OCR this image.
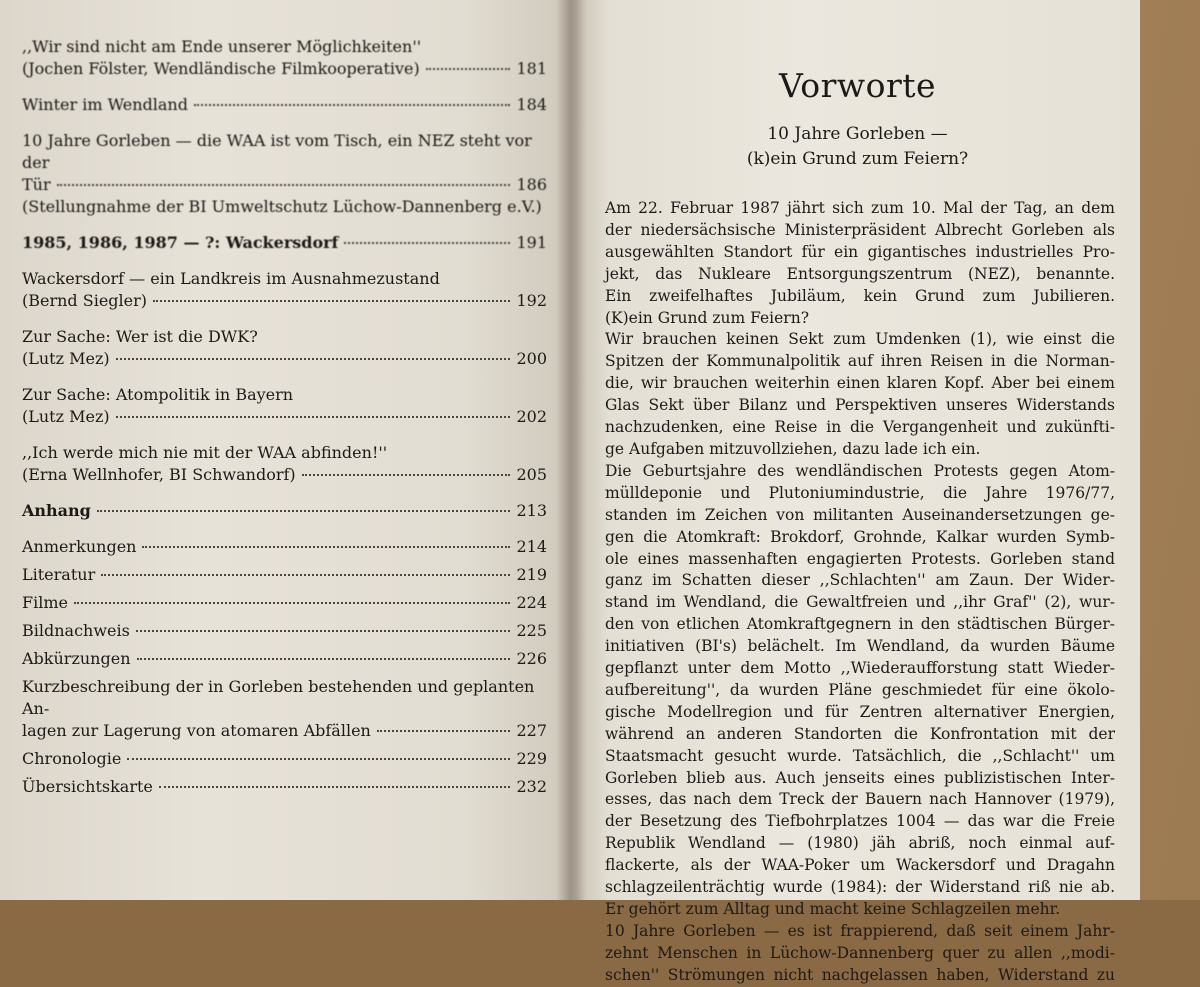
,,Wir sind nicht am Ende unserer Möglichkeiten''
(Jochen Fölster, Wendländische Filmkooperative)	181
Winter im Wendland	184
10 Jahre Gorleben — die WAA ist vom Tisch, ein NEZ steht vor der
Tür	186
(Stellungnahme der BI Umweltschutz Lüchow-Dannenberg e.V.)
1985, 1986, 1987 — ?: Wackersdorf	191
Wackersdorf — ein Landkreis im Ausnahmezustand
(Bernd Siegler)	192
Zur Sache: Wer ist die DWK?
(Lutz Mez)	200
Zur Sache: Atompolitik in Bayern
(Lutz Mez)	202
,,Ich werde mich nie mit der WAA abfinden!''
(Erna Wellnhofer, BI Schwandorf)	205
Anhang	213
Anmerkungen	214
Literatur	219
Filme	224
Bildnachweis	225
Abkürzungen	226
Kurzbeschreibung der in Gorleben bestehenden und geplanten An-
lagen zur Lagerung von atomaren Abfällen	227
Chronologie	229
Übersichtskarte	232
Vorworte
10 Jahre Gorleben —
(k)ein Grund zum Feiern?
Am 22. Februar 1987 jährt sich zum 10. Mal der Tag, an dem
der niedersächsische Ministerpräsident Albrecht Gorleben als
ausgewählten Standort für ein gigantisches industrielles Pro-
jekt, das Nukleare Entsorgungszentrum (NEZ), benannte.
Ein zweifelhaftes Jubiläum, kein Grund zum Jubilieren.
(K)ein Grund zum Feiern?
Wir brauchen keinen Sekt zum Umdenken (1), wie einst die
Spitzen der Kommunalpolitik auf ihren Reisen in die Norman-
die, wir brauchen weiterhin einen klaren Kopf. Aber bei einem
Glas Sekt über Bilanz und Perspektiven unseres Widerstands
nachzudenken, eine Reise in die Vergangenheit und zukünfti-
ge Aufgaben mitzuvollziehen, dazu lade ich ein.
Die Geburtsjahre des wendländischen Protests gegen Atom-
mülldeponie und Plutoniumindustrie, die Jahre 1976/77,
standen im Zeichen von militanten Auseinandersetzungen ge-
gen die Atomkraft: Brokdorf, Grohnde, Kalkar wurden Symb-
ole eines massenhaften engagierten Protests. Gorleben stand
ganz im Schatten dieser ,,Schlachten'' am Zaun. Der Wider-
stand im Wendland, die Gewaltfreien und ,,ihr Graf'' (2), wur-
den von etlichen Atomkraftgegnern in den städtischen Bürger-
initiativen (BI's) belächelt. Im Wendland, da wurden Bäume
gepflanzt unter dem Motto ,,Wiederaufforstung statt Wieder-
aufbereitung'', da wurden Pläne geschmiedet für eine ökolo-
gische Modellregion und für Zentren alternativer Energien,
während an anderen Standorten die Konfrontation mit der
Staatsmacht gesucht wurde. Tatsächlich, die ,,Schlacht'' um
Gorleben blieb aus. Auch jenseits eines publizistischen Inter-
esses, das nach dem Treck der Bauern nach Hannover (1979),
der Besetzung des Tiefbohrplatzes 1004 — das war die Freie
Republik Wendland — (1980) jäh abriß, noch einmal auf-
flackerte, als der WAA-Poker um Wackersdorf und Dragahn
schlagzeilenträchtig wurde (1984): der Widerstand riß nie ab.
Er gehört zum Alltag und macht keine Schlagzeilen mehr.
10 Jahre Gorleben — es ist frappierend, daß seit einem Jahr-
zehnt Menschen in Lüchow-Dannenberg quer zu allen ,,modi-
schen'' Strömungen nicht nachgelassen haben, Widerstand zu
